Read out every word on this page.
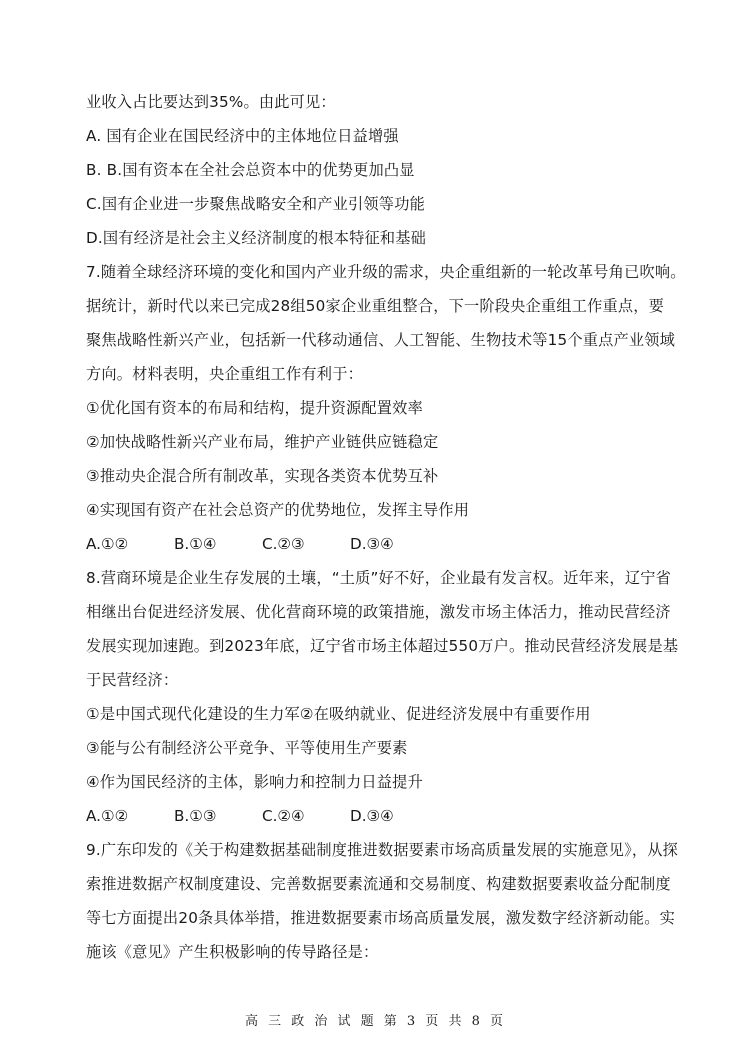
业收入占比要达到35%。由此可见：
A. 国有企业在国民经济中的主体地位日益增强
B. B.国有资本在全社会总资本中的优势更加凸显
C.国有企业进一步聚焦战略安全和产业引领等功能
D.国有经济是社会主义经济制度的根本特征和基础
7.随着全球经济环境的变化和国内产业升级的需求，央企重组新的一轮改革号角已吹响。
据统计，新时代以来已完成28组50家企业重组整合，下一阶段央企重组工作重点，要
聚焦战略性新兴产业，包括新一代移动通信、人工智能、生物技术等15个重点产业领域
方向。材料表明，央企重组工作有利于：
①优化国有资本的布局和结构，提升资源配置效率
②加快战略性新兴产业布局，维护产业链供应链稳定
③推动央企混合所有制改革，实现各类资本优势互补
④实现国有资产在社会总资产的优势地位，发挥主导作用
A.①②	B.①④	C.②③	D.③④
8.营商环境是企业生存发展的土壤，“土质”好不好，企业最有发言权。近年来，辽宁省
相继出台促进经济发展、优化营商环境的政策措施，激发市场主体活力，推动民营经济
发展实现加速跑。到2023年底，辽宁省市场主体超过550万户。推动民营经济发展是基
于民营经济：
①是中国式现代化建设的生力军②在吸纳就业、促进经济发展中有重要作用
③能与公有制经济公平竞争、平等使用生产要素
④作为国民经济的主体，影响力和控制力日益提升
A.①②	B.①③	C.②④	D.③④
9.广东印发的《关于构建数据基础制度推进数据要素市场高质量发展的实施意见》，从探
索推进数据产权制度建设、完善数据要素流通和交易制度、构建数据要素收益分配制度
等七方面提出20条具体举措，推进数据要素市场高质量发展，激发数字经济新动能。实
施该《意见》产生积极影响的传导路径是：
高 三 政 治 试 题 第 3 页 共 8 页
